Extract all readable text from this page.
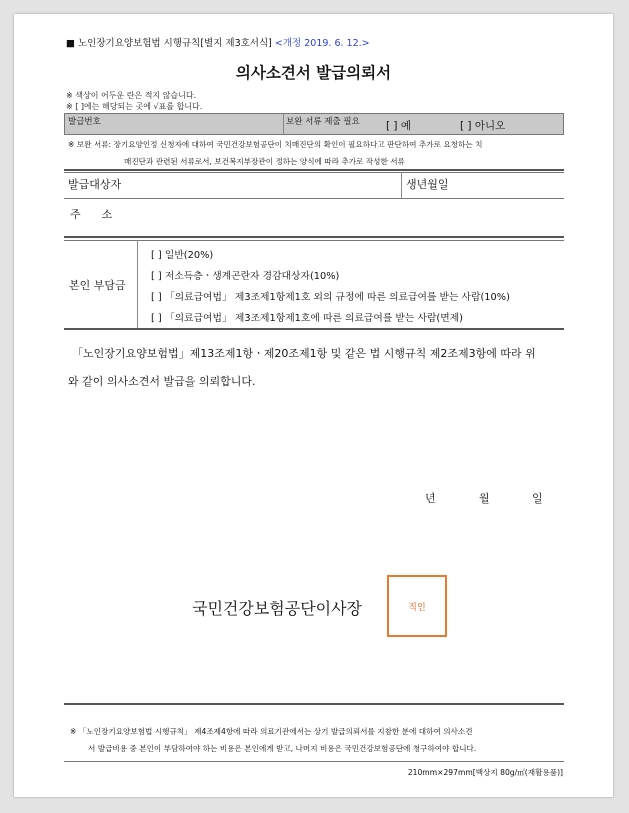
■ 노인장기요양보험법 시행규칙[별지 제3호서식] <개정 2019. 6. 12.>
의사소견서 발급의뢰서
※ 색상이 어두운 란은 적지 않습니다.
※ [ ]에는 해당되는 곳에 √표를 합니다.
발급번호	보완 서류 제출 필요 [ ] 예	[ ] 아니오
※ 보완 서류: 장기요양인정 신청자에 대하여 국민건강보험공단이 치매진단의 확인이 필요하다고 판단하여 추가로 요청하는 치
매진단과 관련된 서류로서, 보건복지부장관이 정하는 양식에 따라 추가로 작성한 서류
발급대상자	생년월일
주      소
본인 부담금
[ ] 일반(20%)
[ ] 저소득층ㆍ생계곤란자 경감대상자(10%)
[ ] 「의료급여법」 제3조제1항제1호 외의 규정에 따른 의료급여를 받는 사람(10%)
[ ] 「의료급여법」 제3조제1항제1호에 따른 의료급여를 받는 사람(면제)
「노인장기요양보험법」제13조제1항ㆍ제20조제1항 및 같은 법 시행규칙 제2조제3항에 따라 위
와 같이 의사소견서 발급을 의뢰합니다.
년	월	일
국민건강보험공단이사장	직인
※ 「노인장기요양보험법 시행규칙」 제4조제4항에 따라 의료기관에서는 상기 발급의뢰서를 지참한 분에 대하여 의사소견
서 발급비용 중 본인이 부담하여야 하는 비용은 본인에게 받고, 나머지 비용은 국민건강보험공단에 청구하여야 합니다.
210mm×297mm[백상지 80g/㎡(재활용품)]
